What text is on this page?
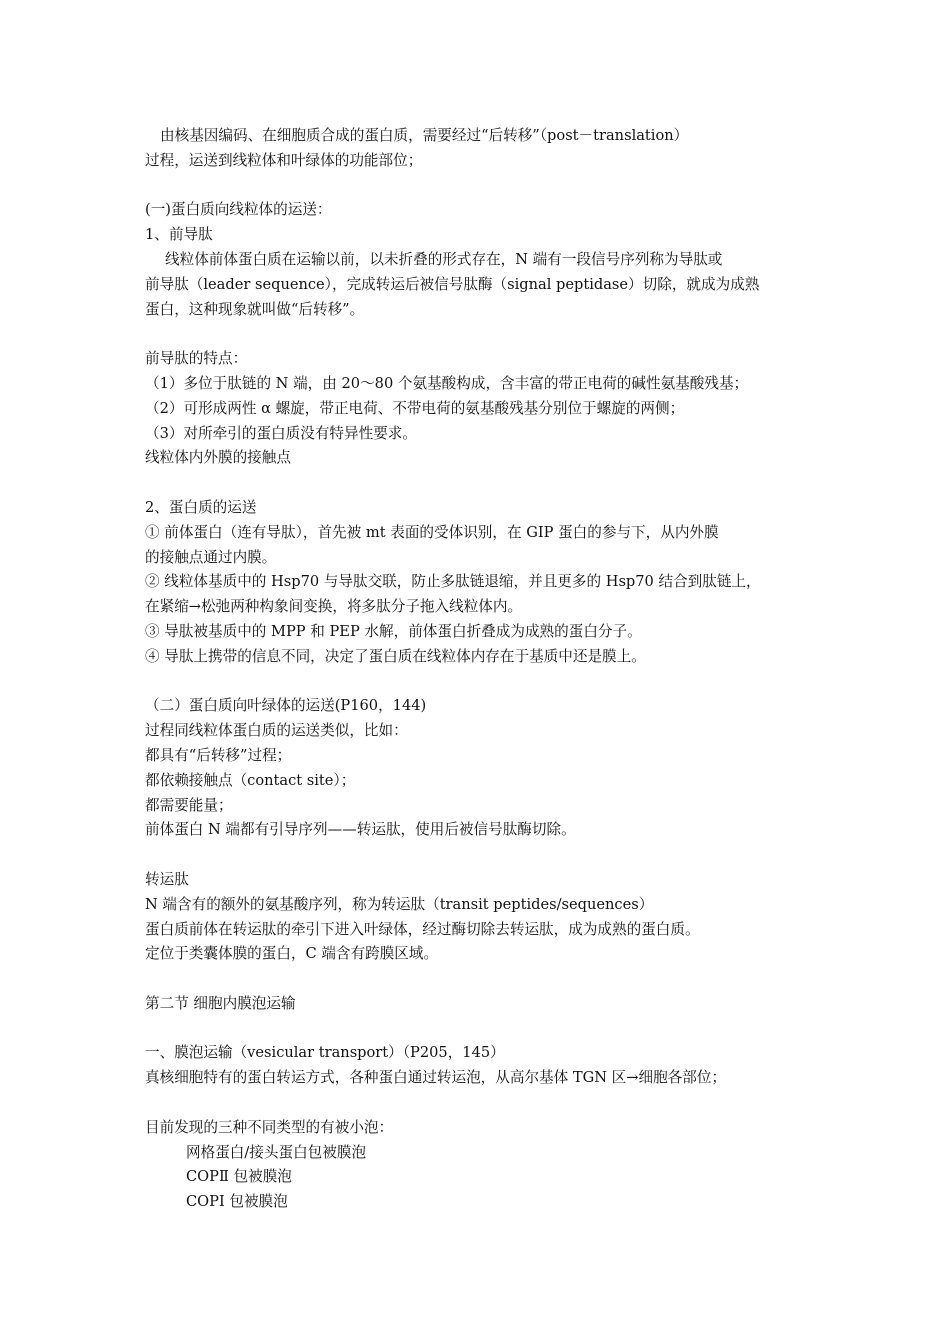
由核基因编码、在细胞质合成的蛋白质，需要经过“后转移”（post－translation）
过程，运送到线粒体和叶绿体的功能部位；
(一)蛋白质向线粒体的运送：
1、前导肽
线粒体前体蛋白质在运输以前，以未折叠的形式存在，N 端有一段信号序列称为导肽或
前导肽（leader sequence），完成转运后被信号肽酶（signal peptidase）切除，就成为成熟
蛋白，这种现象就叫做“后转移”。
前导肽的特点：
（1）多位于肽链的 N 端，由 20～80 个氨基酸构成，含丰富的带正电荷的碱性氨基酸残基；
（2）可形成两性 α 螺旋，带正电荷、不带电荷的氨基酸残基分别位于螺旋的两侧；
（3）对所牵引的蛋白质没有特异性要求。
线粒体内外膜的接触点
2、蛋白质的运送
① 前体蛋白（连有导肽），首先被 mt 表面的受体识别，在 GIP 蛋白的参与下，从内外膜
的接触点通过内膜。
② 线粒体基质中的 Hsp70 与导肽交联，防止多肽链退缩，并且更多的 Hsp70 结合到肽链上，
在紧缩→松弛两种构象间变换，将多肽分子拖入线粒体内。
③ 导肽被基质中的 MPP 和 PEP 水解，前体蛋白折叠成为成熟的蛋白分子。
④ 导肽上携带的信息不同，决定了蛋白质在线粒体内存在于基质中还是膜上。
（二）蛋白质向叶绿体的运送(P160，144)
过程同线粒体蛋白质的运送类似，比如：
都具有“后转移”过程；
都依赖接触点（contact site）；
都需要能量；
前体蛋白 N 端都有引导序列——转运肽，使用后被信号肽酶切除。
转运肽
N 端含有的额外的氨基酸序列，称为转运肽（transit peptides/sequences）
蛋白质前体在转运肽的牵引下进入叶绿体，经过酶切除去转运肽，成为成熟的蛋白质。
定位于类囊体膜的蛋白，C 端含有跨膜区域。
第二节 细胞内膜泡运输
一、膜泡运输（vesicular transport）（P205，145）
真核细胞特有的蛋白转运方式，各种蛋白通过转运泡，从高尔基体 TGN 区→细胞各部位；
目前发现的三种不同类型的有被小泡：
网格蛋白/接头蛋白包被膜泡
COPⅡ 包被膜泡
COPⅠ 包被膜泡
